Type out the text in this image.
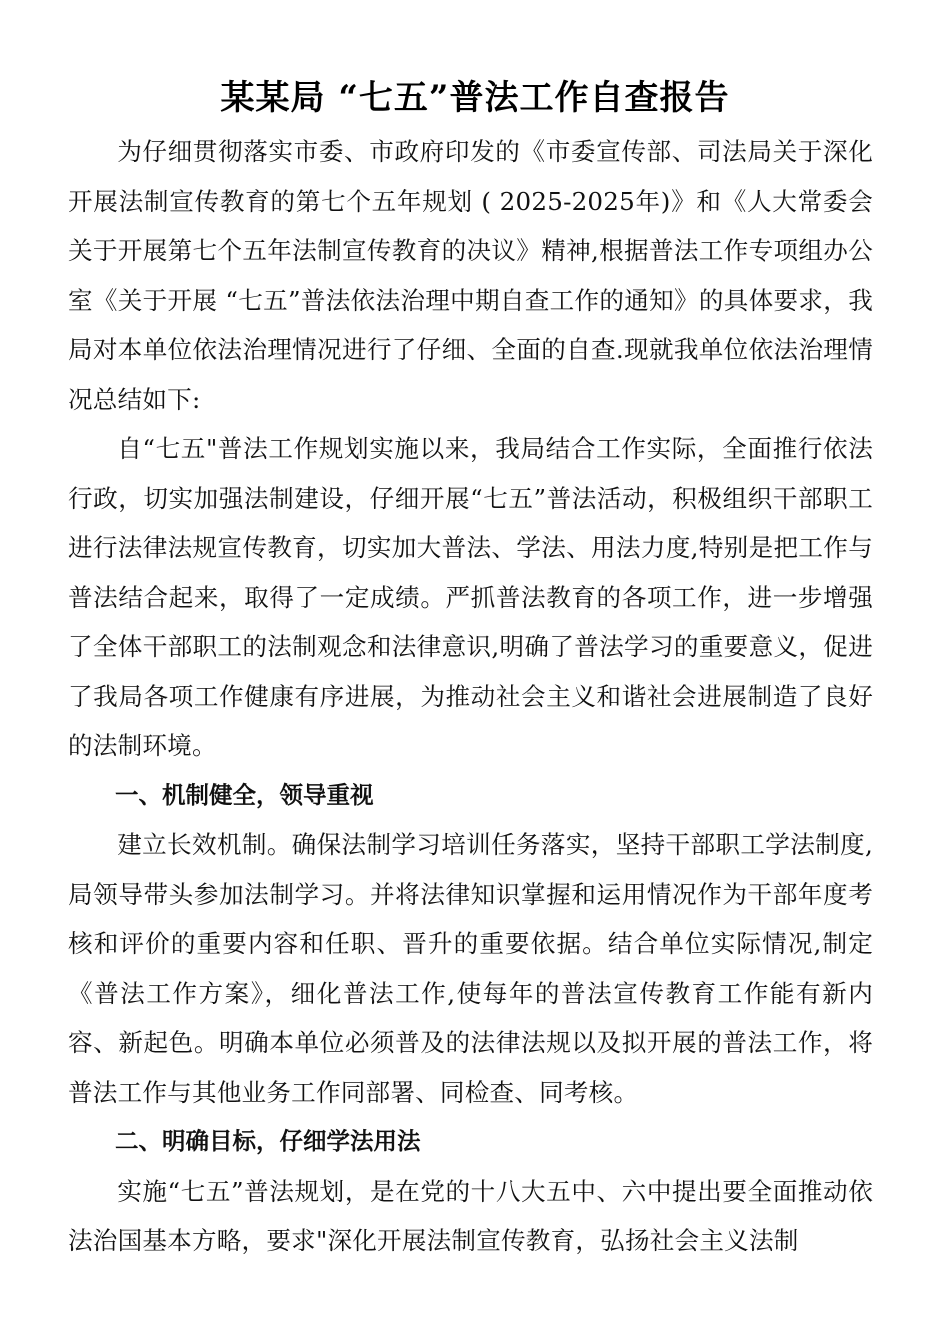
某某局 “七五”普法工作自查报告

为仔细贯彻落实市委、市政府印发的《市委宣传部、司法局关于深化开展法制宣传教育的第七个五年规划 ( 2025-2025年)》和《人大常委会关于开展第七个五年法制宣传教育的决议》精神,根据普法工作专项组办公室《关于开展 “七五”普法依法治理中期自查工作的通知》的具体要求，我局对本单位依法治理情况进行了仔细、全面的自查.现就我单位依法治理情况总结如下:

自“七五"普法工作规划实施以来，我局结合工作实际，全面推行依法行政，切实加强法制建设，仔细开展“七五”普法活动，积极组织干部职工进行法律法规宣传教育，切实加大普法、学法、用法力度,特别是把工作与普法结合起来，取得了一定成绩。严抓普法教育的各项工作，进一步增强了全体干部职工的法制观念和法律意识,明确了普法学习的重要意义，促进了我局各项工作健康有序进展，为推动社会主义和谐社会进展制造了良好的法制环境。

一、机制健全，领导重视

建立长效机制。确保法制学习培训任务落实，坚持干部职工学法制度,局领导带头参加法制学习。并将法律知识掌握和运用情况作为干部年度考核和评价的重要内容和任职、晋升的重要依据。结合单位实际情况,制定《普法工作方案》，细化普法工作,使每年的普法宣传教育工作能有新内容、新起色。明确本单位必须普及的法律法规以及拟开展的普法工作，将普法工作与其他业务工作同部署、同检查、同考核。

二、明确目标，仔细学法用法

实施“七五”普法规划，是在党的十八大五中、六中提出要全面推动依法治国基本方略，要求"深化开展法制宣传教育，弘扬社会主义法制
